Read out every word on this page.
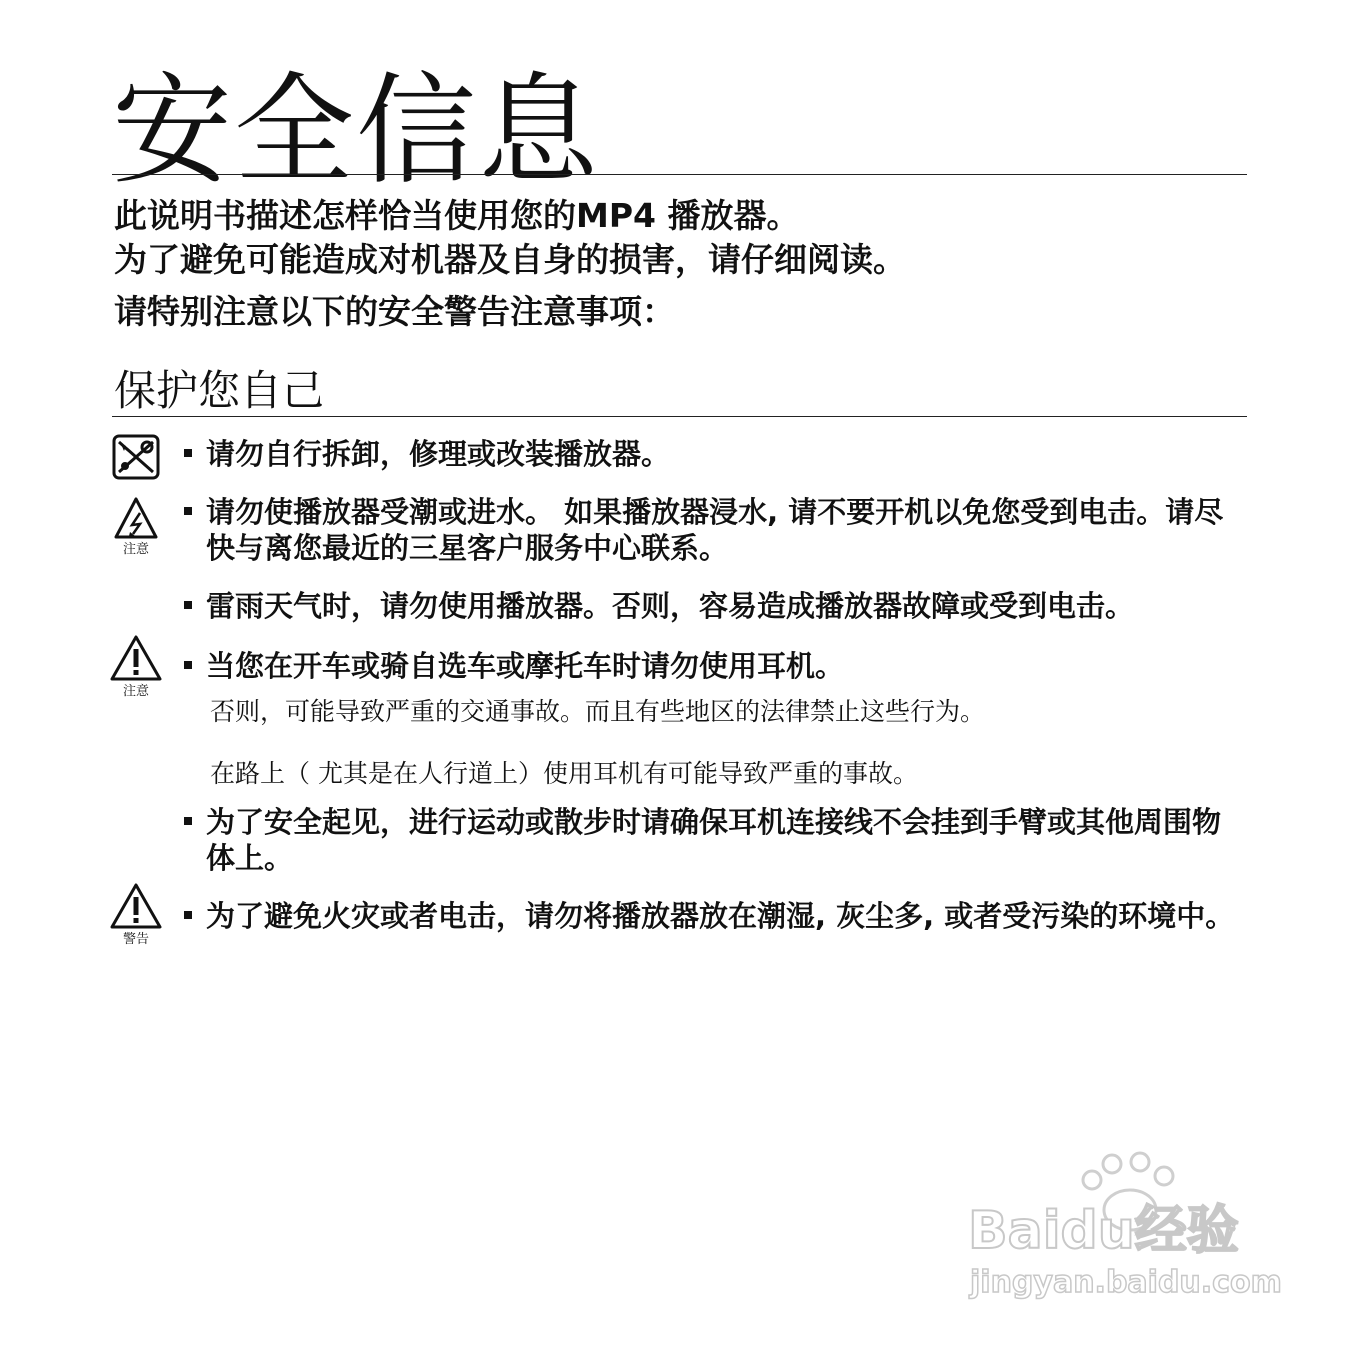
安全信息
此说明书描述怎样恰当使用您的MP4 播放器。
为了避免可能造成对机器及自身的损害，请仔细阅读。
请特别注意以下的安全警告注意事项：
保护您自己
注意
注意
警告
请勿自行拆卸，修理或改装播放器。
请勿使播放器受潮或进水。 如果播放器浸水, 请不要开机以免您受到电击。请尽快与离您最近的三星客户服务中心联系。
雷雨天气时，请勿使用播放器。否则，容易造成播放器故障或受到电击。
当您在开车或骑自选车或摩托车时请勿使用耳机。
否则，可能导致严重的交通事故。而且有些地区的法律禁止这些行为。
在路上（ 尤其是在人行道上）使用耳机有可能导致严重的事故。
为了安全起见，进行运动或散步时请确保耳机连接线不会挂到手臂或其他周围物体上。
为了避免火灾或者电击，请勿将播放器放在潮湿, 灰尘多, 或者受污染的环境中。
Baidu经验
jingyan.baidu.com
